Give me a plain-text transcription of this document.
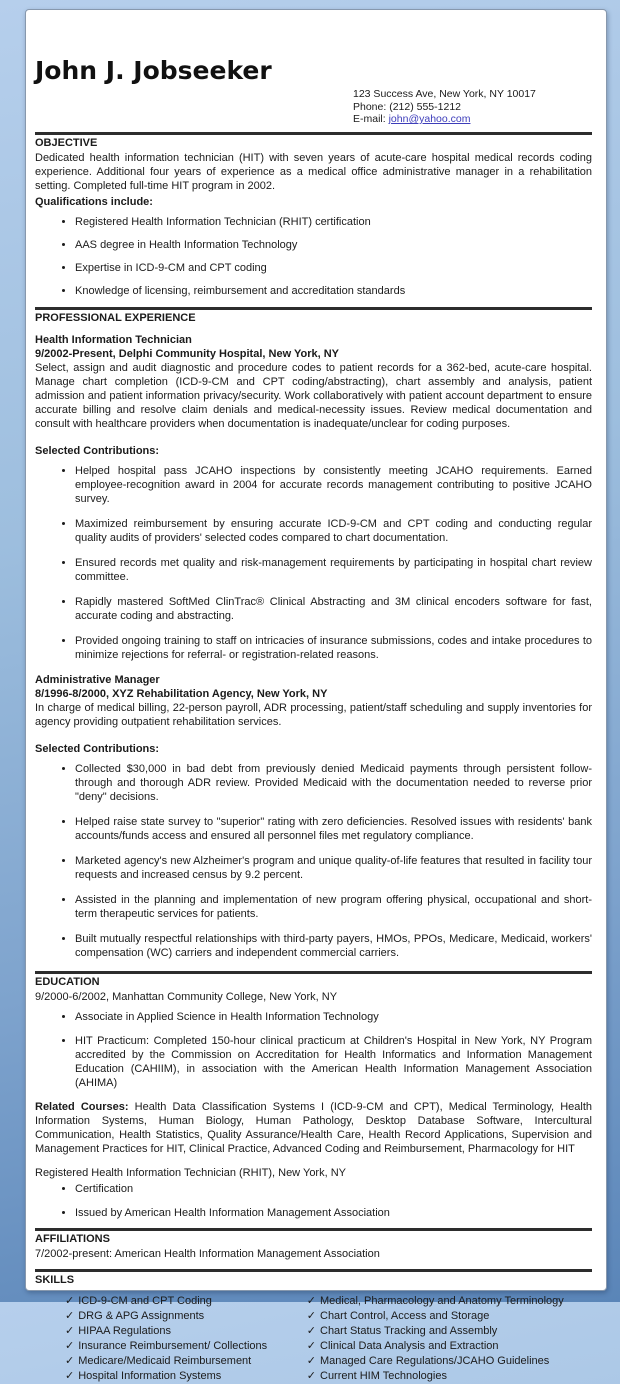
John J. Jobseeker
123 Success Ave, New York, NY 10017
Phone: (212) 555-1212
E-mail: john@yahoo.com
OBJECTIVE

Dedicated health information technician (HIT) with seven years of acute-care hospital medical records coding experience. Additional four years of experience as a medical office administrative manager in a rehabilitation setting. Completed full-time HIT program in 2002.

Qualifications include:

• Registered Health Information Technician (RHIT) certification
• AAS degree in Health Information Technology
• Expertise in ICD-9-CM and CPT coding
• Knowledge of licensing, reimbursement and accreditation standards
PROFESSIONAL EXPERIENCE

Health Information Technician

9/2002-Present, Delphi Community Hospital, New York, NY

Select, assign and audit diagnostic and procedure codes to patient records for a 362-bed, acute-care hospital. Manage chart completion (ICD-9-CM and CPT coding/abstracting), chart assembly and analysis, patient admission and patient information privacy/security. Work collaboratively with patient account department to ensure accurate billing and resolve claim denials and medical-necessity issues. Review medical documentation and consult with healthcare providers when documentation is inadequate/unclear for coding purposes.

Selected Contributions:

• Helped hospital pass JCAHO inspections by consistently meeting JCAHO requirements. Earned employee-recognition award in 2004 for accurate records management contributing to positive JCAHO survey.
• Maximized reimbursement by ensuring accurate ICD-9-CM and CPT coding and conducting regular quality audits of providers' selected codes compared to chart documentation.
• Ensured records met quality and risk-management requirements by participating in hospital chart review committee.
• Rapidly mastered SoftMed ClinTrac® Clinical Abstracting and 3M clinical encoders software for fast, accurate coding and abstracting.
• Provided ongoing training to staff on intricacies of insurance submissions, codes and intake procedures to minimize rejections for referral- or registration-related reasons.

Administrative Manager

8/1996-8/2000, XYZ Rehabilitation Agency, New York, NY

In charge of medical billing, 22-person payroll, ADR processing, patient/staff scheduling and supply inventories for agency providing outpatient rehabilitation services.

Selected Contributions:

• Collected $30,000 in bad debt from previously denied Medicaid payments through persistent follow-through and thorough ADR review. Provided Medicaid with the documentation needed to reverse prior "deny" decisions.
• Helped raise state survey to "superior" rating with zero deficiencies. Resolved issues with residents' bank accounts/funds access and ensured all personnel files met regulatory compliance.
• Marketed agency's new Alzheimer's program and unique quality-of-life features that resulted in facility tour requests and increased census by 9.2 percent.
• Assisted in the planning and implementation of new program offering physical, occupational and short-term therapeutic services for patients.
• Built mutually respectful relationships with third-party payers, HMOs, PPOs, Medicare, Medicaid, workers' compensation (WC) carriers and independent commercial carriers.
EDUCATION

9/2000-6/2002, Manhattan Community College, New York, NY

• Associate in Applied Science in Health Information Technology
• HIT Practicum: Completed 150-hour clinical practicum at Children's Hospital in New York, NY Program accredited by the Commission on Accreditation for Health Informatics and Information Management Education (CAHIIM), in association with the American Health Information Management Association (AHIMA)

Related Courses: Health Data Classification Systems I (ICD-9-CM and CPT), Medical Terminology, Health Information Systems, Human Biology, Human Pathology, Desktop Database Software, Intercultural Communication, Health Statistics, Quality Assurance/Health Care, Health Record Applications, Supervision and Management Practices for HIT, Clinical Practice, Advanced Coding and Reimbursement, Pharmacology for HIT

Registered Health Information Technician (RHIT), New York, NY

• Certification
• Issued by American Health Information Management Association
AFFILIATIONS

7/2002-present: American Health Information Management Association

SKILLS
✓ ICD-9-CM and CPT Coding
✓ DRG & APG Assignments
✓ HIPAA Regulations
✓ Insurance Reimbursement/ Collections
✓ Medicare/Medicaid Reimbursement
✓ Hospital Information Systems
✓ Medical, Pharmacology and Anatomy Terminology
✓ Chart Control, Access and Storage
✓ Chart Status Tracking and Assembly
✓ Clinical Data Analysis and Extraction
✓ Managed Care Regulations/JCAHO Guidelines
✓ Current HIM Technologies
